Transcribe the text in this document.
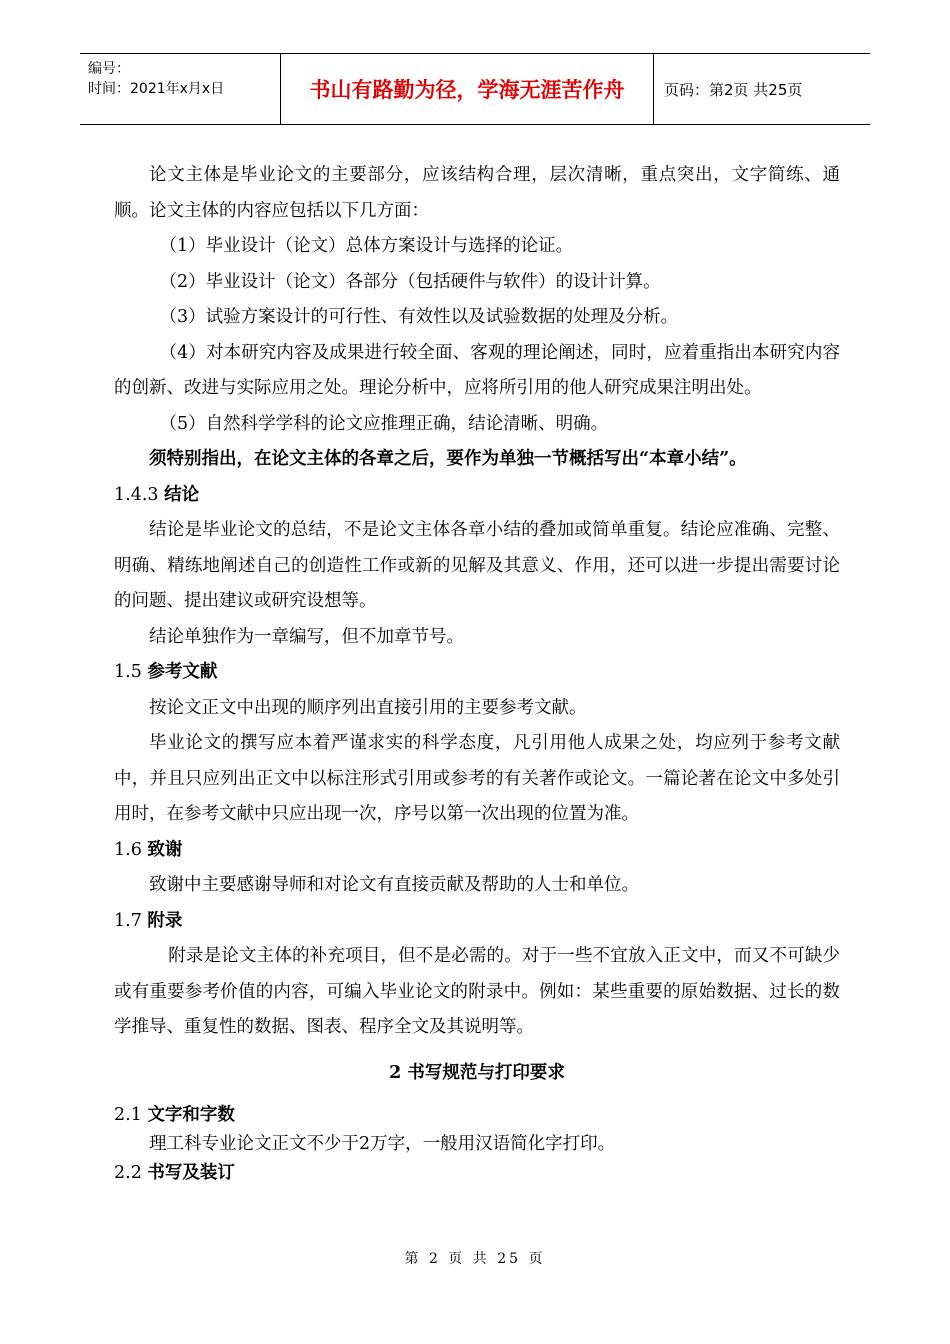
编号：
时间：2021年x月x日	书山有路勤为径，学海无涯苦作舟	页码：第2页 共25页

论文主体是毕业论文的主要部分，应该结构合理，层次清晰，重点突出，文字简练、通顺。论文主体的内容应包括以下几方面：

（1）毕业设计（论文）总体方案设计与选择的论证。

（2）毕业设计（论文）各部分（包括硬件与软件）的设计计算。

（3）试验方案设计的可行性、有效性以及试验数据的处理及分析。

（4）对本研究内容及成果进行较全面、客观的理论阐述，同时，应着重指出本研究内容的创新、改进与实际应用之处。理论分析中，应将所引用的他人研究成果注明出处。

（5）自然科学学科的论文应推理正确，结论清晰、明确。

须特别指出，在论文主体的各章之后，要作为单独一节概括写出“本章小结”。

1.4.3 结论

结论是毕业论文的总结，不是论文主体各章小结的叠加或简单重复。结论应准确、完整、明确、精练地阐述自己的创造性工作或新的见解及其意义、作用，还可以进一步提出需要讨论的问题、提出建议或研究设想等。

结论单独作为一章编写，但不加章节号。

1.5 参考文献

按论文正文中出现的顺序列出直接引用的主要参考文献。

毕业论文的撰写应本着严谨求实的科学态度，凡引用他人成果之处，均应列于参考文献中，并且只应列出正文中以标注形式引用或参考的有关著作或论文。一篇论著在论文中多处引用时，在参考文献中只应出现一次，序号以第一次出现的位置为准。

1.6 致谢

致谢中主要感谢导师和对论文有直接贡献及帮助的人士和单位。

1.7 附录

附录是论文主体的补充项目，但不是必需的。对于一些不宜放入正文中，而又不可缺少或有重要参考价值的内容，可编入毕业论文的附录中。例如：某些重要的原始数据、过长的数学推导、重复性的数据、图表、程序全文及其说明等。

2 书写规范与打印要求

2.1 文字和字数

理工科专业论文正文不少于2万字，一般用汉语简化字打印。

2.2 书写及装订

第 2 页 共 25 页
